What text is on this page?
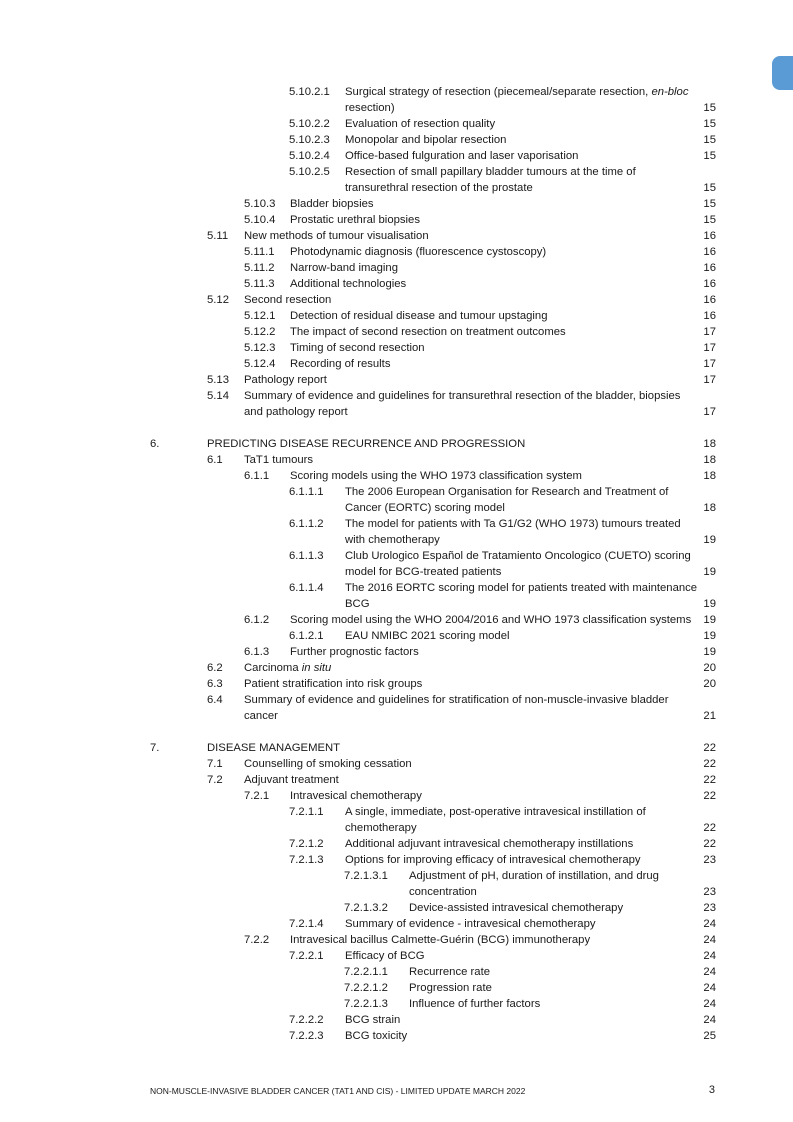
5.10.2.1 Surgical strategy of resection (piecemeal/separate resection, en-bloc
resection)	15
5.10.2.2 Evaluation of resection quality	15
5.10.2.3 Monopolar and bipolar resection	15
5.10.2.4 Office-based fulguration and laser vaporisation	15
5.10.2.5 Resection of small papillary bladder tumours at the time of
transurethral resection of the prostate	15
5.10.3 Bladder biopsies	15
5.10.4 Prostatic urethral biopsies	15
5.11 New methods of tumour visualisation	16
5.11.1 Photodynamic diagnosis (fluorescence cystoscopy)	16
5.11.2 Narrow-band imaging	16
5.11.3 Additional technologies	16
5.12 Second resection	16
5.12.1 Detection of residual disease and tumour upstaging	16
5.12.2 The impact of second resection on treatment outcomes	17
5.12.3 Timing of second resection	17
5.12.4 Recording of results	17
5.13 Pathology report	17
5.14 Summary of evidence and guidelines for transurethral resection of the bladder, biopsies
and pathology report	17
6.	PREDICTING DISEASE RECURRENCE AND PROGRESSION	18
6.1 TaT1 tumours	18
6.1.1 Scoring models using the WHO 1973 classification system	18
6.1.1.1 The 2006 European Organisation for Research and Treatment of
Cancer (EORTC) scoring model	18
6.1.1.2 The model for patients with Ta G1/G2 (WHO 1973) tumours treated
with chemotherapy	19
6.1.1.3 Club Urologico Español de Tratamiento Oncologico (CUETO) scoring
model for BCG-treated patients	19
6.1.1.4 The 2016 EORTC scoring model for patients treated with maintenance
BCG	19
6.1.2 Scoring model using the WHO 2004/2016 and WHO 1973 classification systems 19
6.1.2.1 EAU NMIBC 2021 scoring model	19
6.1.3 Further prognostic factors	19
6.2 Carcinoma in situ	20
6.3 Patient stratification into risk groups	20
6.4 Summary of evidence and guidelines for stratification of non-muscle-invasive bladder
cancer	21
7.	DISEASE MANAGEMENT	22
7.1 Counselling of smoking cessation	22
7.2 Adjuvant treatment	22
7.2.1 Intravesical chemotherapy	22
7.2.1.1 A single, immediate, post-operative intravesical instillation of
chemotherapy	22
7.2.1.2 Additional adjuvant intravesical chemotherapy instillations	22
7.2.1.3 Options for improving efficacy of intravesical chemotherapy	23
7.2.1.3.1 Adjustment of pH, duration of instillation, and drug
concentration	23
7.2.1.3.2 Device-assisted intravesical chemotherapy	23
7.2.1.4 Summary of evidence - intravesical chemotherapy	24
7.2.2 Intravesical bacillus Calmette-Guérin (BCG) immunotherapy	24
7.2.2.1 Efficacy of BCG	24
7.2.2.1.1 Recurrence rate	24
7.2.2.1.2 Progression rate	24
7.2.2.1.3 Influence of further factors	24
7.2.2.2 BCG strain	24
7.2.2.3 BCG toxicity	25
NON-MUSCLE-INVASIVE BLADDER CANCER (TAT1 AND CIS) - LIMITED UPDATE MARCH 2022	3
